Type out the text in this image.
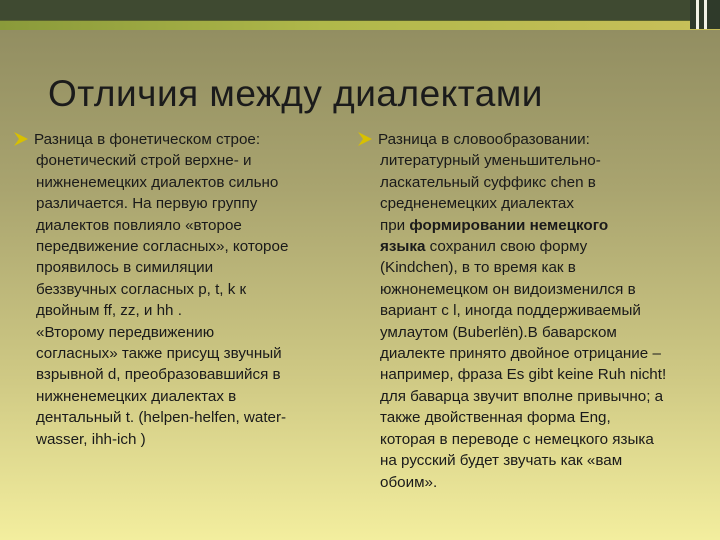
Отличия между диалектами
Разница в фонетическом строе:
фонетический строй верхне- и
нижненемецких диалектов сильно
различается. На первую группу
диалектов повлияло «второе
передвижение согласных», которое
проявилось в симиляции
беззвучных согласных p, t, k к
двойным ff, zz, и hh .
«Второму передвижению
согласных» также присущ звучный
взрывной d, преобразовавшийся в
нижненемецких диалектах в
дентальный t. (helpen-helfen, water-
wasser, ihh-ich )
Разница в словообразовании:
литературный уменьшительно-
ласкательный суффикс chen в
средненемецких диалектах
при формировании немецкого
языка сохранил свою форму
(Kindchen), в то время как в
южнонемецком он видоизменился в
вариант с l, иногда поддерживаемый
умлаутом (Buberlën).В баварском
диалекте принято двойное отрицание –
например, фраза Es gibt keine Ruh nicht!
для баварца звучит вполне привычно; а
также двойственная форма Eng,
которая в переводе с немецкого языка
на русский будет звучать как «вам
обоим».
